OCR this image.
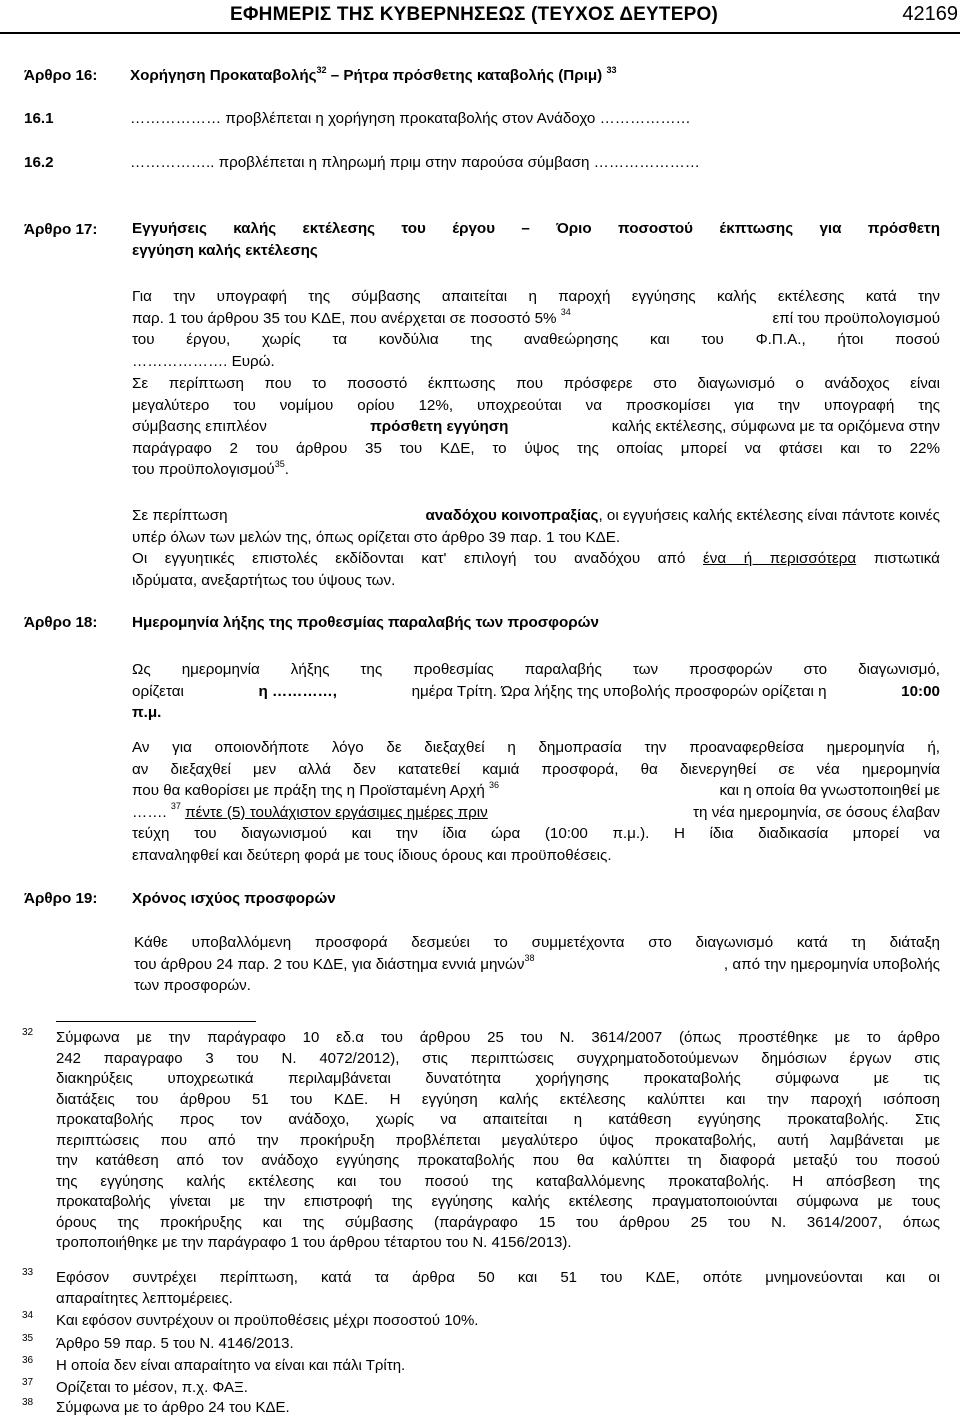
ΕΦΗΜΕΡΙΣ ΤΗΣ ΚΥΒΕΡΝΗΣΕΩΣ (ΤΕΥΧΟΣ ΔΕΥΤΕΡΟ)	42169
Άρθρο 16: Χορήγηση Προκαταβολής$^{32}$ – Ρήτρα πρόσθετης καταβολής (Πριμ) $^{33}$
16.1	……………… προβλέπεται η χορήγηση προκαταβολής στον Ανάδοχο ………………
16.2	…………….. προβλέπεται η πληρωμή πριμ στην παρούσα σύμβαση …………………
Άρθρο 17: Εγγυήσεις καλής εκτέλεσης του έργου – Όριο ποσοστού έκπτωσης για πρόσθετη
εγγύηση καλής εκτέλεσης
Για την υπογραφή της σύμβασης απαιτείται η παροχή εγγύησης καλής εκτέλεσης κατά την
παρ. 1 του άρθρου 35 του ΚΔΕ, που ανέρχεται σε ποσοστό 5% $^{34}$	επί του προϋπολογισμού
του έργου, χωρίς τα κονδύλια της αναθεώρησης και του Φ.Π.Α., ήτοι ποσού
………………. Ευρώ.
Σε περίπτωση που το ποσοστό έκπτωσης που πρόσφερε στο διαγωνισμό ο ανάδοχος είναι
μεγαλύτερο του νομίμου ορίου 12%, υποχρεούται να προσκομίσει για την υπογραφή της
σύμβασης επιπλέον	πρόσθετη εγγύηση	καλής εκτέλεσης, σύμφωνα με τα οριζόμενα στην
παράγραφο 2 του άρθρου 35 του ΚΔΕ, το ύψος της οποίας μπορεί να φτάσει και το 22%
του προϋπολογισμού$^{35}$.
Σε περίπτωση	αναδόχου κοινοπραξίας, οι εγγυήσεις καλής εκτέλεσης είναι πάντοτε κοινές
υπέρ όλων των μελών της, όπως ορίζεται στο άρθρο 39 παρ. 1 του ΚΔΕ.
Οι εγγυητικές επιστολές εκδίδονται κατ' επιλογή του αναδόχου από ένα ή περισσότερα πιστωτικά
ιδρύματα, ανεξαρτήτως του ύψους των.
Άρθρο 18: Ημερομηνία λήξης της προθεσμίας παραλαβής των προσφορών
Ως ημερομηνία λήξης της προθεσμίας παραλαβής των προσφορών στο διαγωνισμό,
ορίζεται	η …………,	ημέρα Τρίτη. Ώρα λήξης της υποβολής προσφορών ορίζεται η	10:00
π.μ.
Αν για οποιονδήποτε λόγο δε διεξαχθεί η δημοπρασία την προαναφερθείσα ημερομηνία ή,
αν διεξαχθεί μεν αλλά δεν κατατεθεί καμιά προσφορά, θα διενεργηθεί σε νέα ημερομηνία
που θα καθορίσει με πράξη της η Προϊσταμένη Αρχή $^{36}$	και η οποία θα γνωστοποιηθεί με
……. $^{37}$ πέντε (5) τουλάχιστον εργάσιμες ημέρες πριν	τη νέα ημερομηνία, σε όσους έλαβαν
τεύχη του διαγωνισμού και την ίδια ώρα (10:00 π.μ.). Η ίδια διαδικασία μπορεί να
επαναληφθεί και δεύτερη φορά με τους ίδιους όρους και προϋποθέσεις.
Άρθρο 19: Χρόνος ισχύος προσφορών
Κάθε υποβαλλόμενη προσφορά δεσμεύει το συμμετέχοντα στο διαγωνισμό κατά τη διάταξη
του άρθρου 24 παρ. 2 του ΚΔΕ, για διάστημα εννιά μηνών$^{38}$	, από την ημερομηνία υποβολής
των προσφορών.
32 Σύμφωνα με την παράγραφο 10 εδ.α του άρθρου 25 του Ν. 3614/2007 (όπως προστέθηκε με το άρθρο
242 παραγραφο 3 του Ν. 4072/2012), στις περιπτώσεις συγχρηματοδοτούμενων δημόσιων έργων στις
διακηρύξεις υποχρεωτικά περιλαμβάνεται δυνατότητα χορήγησης προκαταβολής σύμφωνα με τις
διατάξεις του άρθρου 51 του ΚΔΕ. Η εγγύηση καλής εκτέλεσης καλύπτει και την παροχή ισόποση
προκαταβολής προς τον ανάδοχο, χωρίς να απαιτείται η κατάθεση εγγύησης προκαταβολής. Στις
περιπτώσεις που από την προκήρυξη προβλέπεται μεγαλύτερο ύψος προκαταβολής, αυτή λαμβάνεται με
την κατάθεση από τον ανάδοχο εγγύησης προκαταβολής που θα καλύπτει τη διαφορά μεταξύ του ποσού
της εγγύησης καλής εκτέλεσης και του ποσού της καταβαλλόμενης προκαταβολής. Η απόσβεση της
προκαταβολής γίνεται με την επιστροφή της εγγύησης καλής εκτέλεσης πραγματοποιούνται σύμφωνα με τους
όρους της προκήρυξης και της σύμβασης (παράγραφο 15 του άρθρου 25 του Ν. 3614/2007, όπως
τροποποιήθηκε με την παράγραφο 1 του άρθρου τέταρτου του Ν. 4156/2013).
33 Εφόσον συντρέχει περίπτωση, κατά τα άρθρα 50 και 51 του ΚΔΕ, οπότε μνημονεύονται και οι
απαραίτητες λεπτομέρειες.
34 Και εφόσον συντρέχουν οι προϋποθέσεις μέχρι ποσοστού 10%.
35 Άρθρο 59 παρ. 5 του Ν. 4146/2013.
36 Η οποία δεν είναι απαραίτητο να είναι και πάλι Τρίτη.
37 Ορίζεται το μέσον, π.χ. ΦΑΞ.
38 Σύμφωνα με το άρθρο 24 του ΚΔΕ.
